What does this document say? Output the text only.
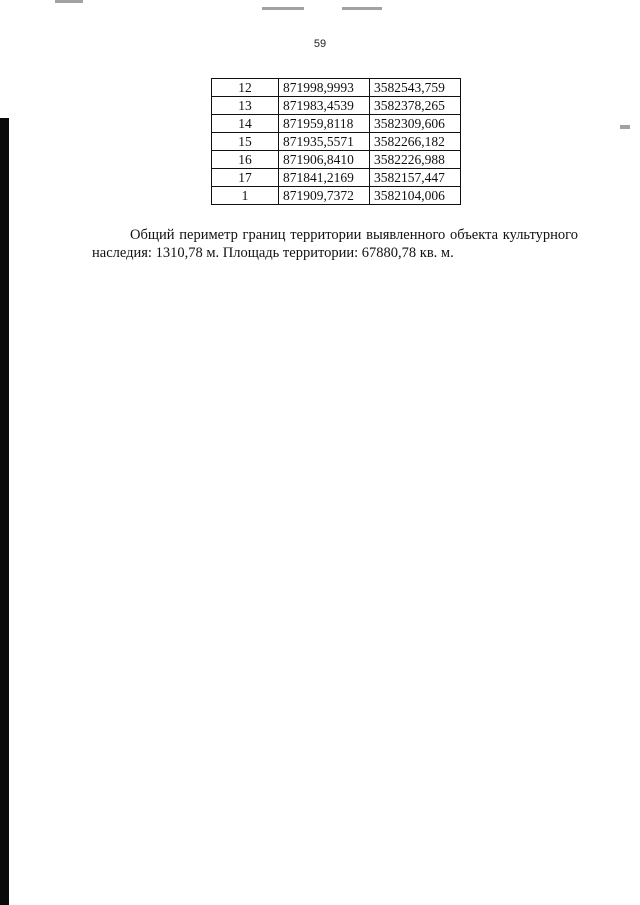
59
12	871998,9993	3582543,759
13	871983,4539	3582378,265
14	871959,8118	3582309,606
15	871935,5571	3582266,182
16	871906,8410	3582226,988
17	871841,2169	3582157,447
1	871909,7372	3582104,006
Общий периметр границ территории выявленного объекта культурного наследия: 1310,78 м. Площадь территории: 67880,78 кв. м.
